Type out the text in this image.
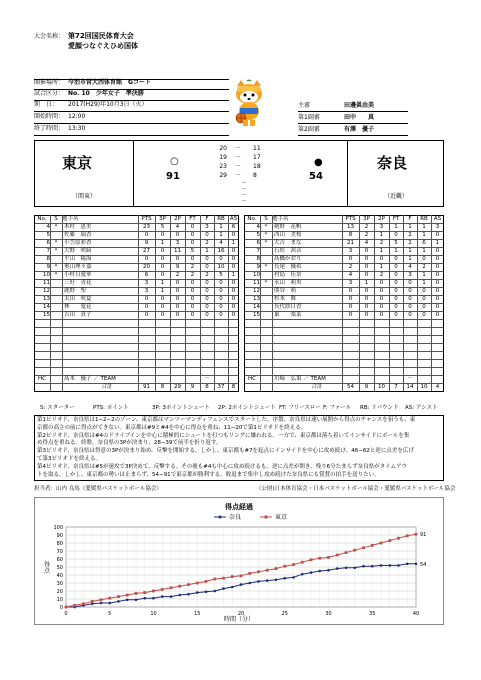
大会名称： 第72回国民体育大会
愛顔つなぐえひめ国体
開催場所： 今治市営大西体育館　Gコート
試合区分： No. 10　少年女子　準決勝
期　日： 2017(H29)年10月3日（火）
開始時間： 12:00
終了時間： 13:30
主審	田邊眞由美
第1副審	田中　　真
第2副審	有澤　優子
東京
（関東）
○
91
20 － 11
19 － 17
23 － 18
29 － 8
－
－
－
－
●
54
奈良
（近畿）
No.	S 選手名	PTS	3P	2P	FT	F	RB AS
4 *	木村　恵美	23	5	4	0	3	1	6
5	佐藤　瑞香	0	0	0	0	0	1	0
6 *	小笠原彩香	9	1	3	0	2	4	1
7 *	大野　咲綺	27	0	11	5	1	16	0
8	平山　陽海	0	0	0	0	0	0	0
9 *	奥山理々嘉	20	0	9	2	0	10	0
10 *	小村日愛華	6	0	2	2	2	5	1
11	三好　青花	3	1	0	0	0	0	0
12	鹿野　聖	3	1	0	0	0	0	0
13	太田　咲夏	0	0	0	0	0	0	0
14	林　　愛花	0	0	0	0	0	0	0
15	吉田　真子	0	0	0	0	0	0	0
HC	髙木　優子 ／ TEAM	－
合計	91	8	29	9	8	37	8
No.	S 選手名	PTS	3P	2P	FT	F	RB	AS
4 *	剣野　花帆	13	2	3	1	1	1	3
5 *	西山　美桜	8	2	1	0	2	1	0
6 *	大吉　まな	21	4	2	5	2	6	1
7	石垣　茜音	3	0	1	1	1	1	0
8	髙橋かおり	0	0	0	0	1	0	0
9 *	長尾　優希	2	0	1	0	4	2	0
10	村島　佳奈	4	0	2	0	3	1	0
11 *	永山　莉央	3	1	0	0	0	1	0
12	熊谷　萌	0	0	0	0	0	0	0
13	杉本　舞	0	0	0	0	0	0	0
14	長代紗日香	0	0	0	0	0	0	0
15	巣　　楽菜	0	0	0	0	0	0	0
HC	川崎　弘策 ／ TEAM	－
合計	54	9	10	7	14	10	4
S: スターター	PTS: ポイント	3P: 3ポイントシュート 2P: 2ポイントシュート FT: フリースロー F: ファール RB: リバウンド AS: アシスト
第1ピリオド、奈良県は1−2−2のゾーン、東京都はマンツーマンディフェンスでスタートした。序盤、奈良県は速い展開から得点のチャンスを狙うも、東
京都の高さの前に得点ができない。東京都は#9と#4を中心に得点を重ね、11−20で第1ピリオドを終える。
第2ピリオド、奈良県は#4のドライブインを中心に積極的にシュートを打つもリングに嫌われる。一方で、東京都は落ち着いてインサイドにボールを集
め得点を重ねる。終盤、奈良県の3Pが決まり、28−39で前半を折り返す。
第3ピリオド、奈良県は得意の3Pが決まり始め、反撃を開始する。しかし、東京都も#7を起点にインサイドを中心に攻め続け、46−62と逆に点差を広げ
て第3ピリオドを終える。
第4ピリオド、奈良県は#5が速攻で3P決めて、反撃する。その後も#4も中心に攻め続けるも、逆に点差が開き、残り6分たまらず奈良県がタイムアウ
トを取る。しかし、東京都の勢いは止まらず、54−91で東京都が勝利する。敗退まで集中し攻め続けた奈良県にも賞賛の拍手を送りたい。
担当者：山内 良馬（愛媛県バスケットボール協会）	（公財)日本体育協会・日本バスケットボール協会・愛媛県バスケットボール協会
得点経過
0
10
20
30
40
50
60
70
80
90
100
0	5	10	15	20	25	30	35	40
得点
時間（分）
奈良	東京
54
91
